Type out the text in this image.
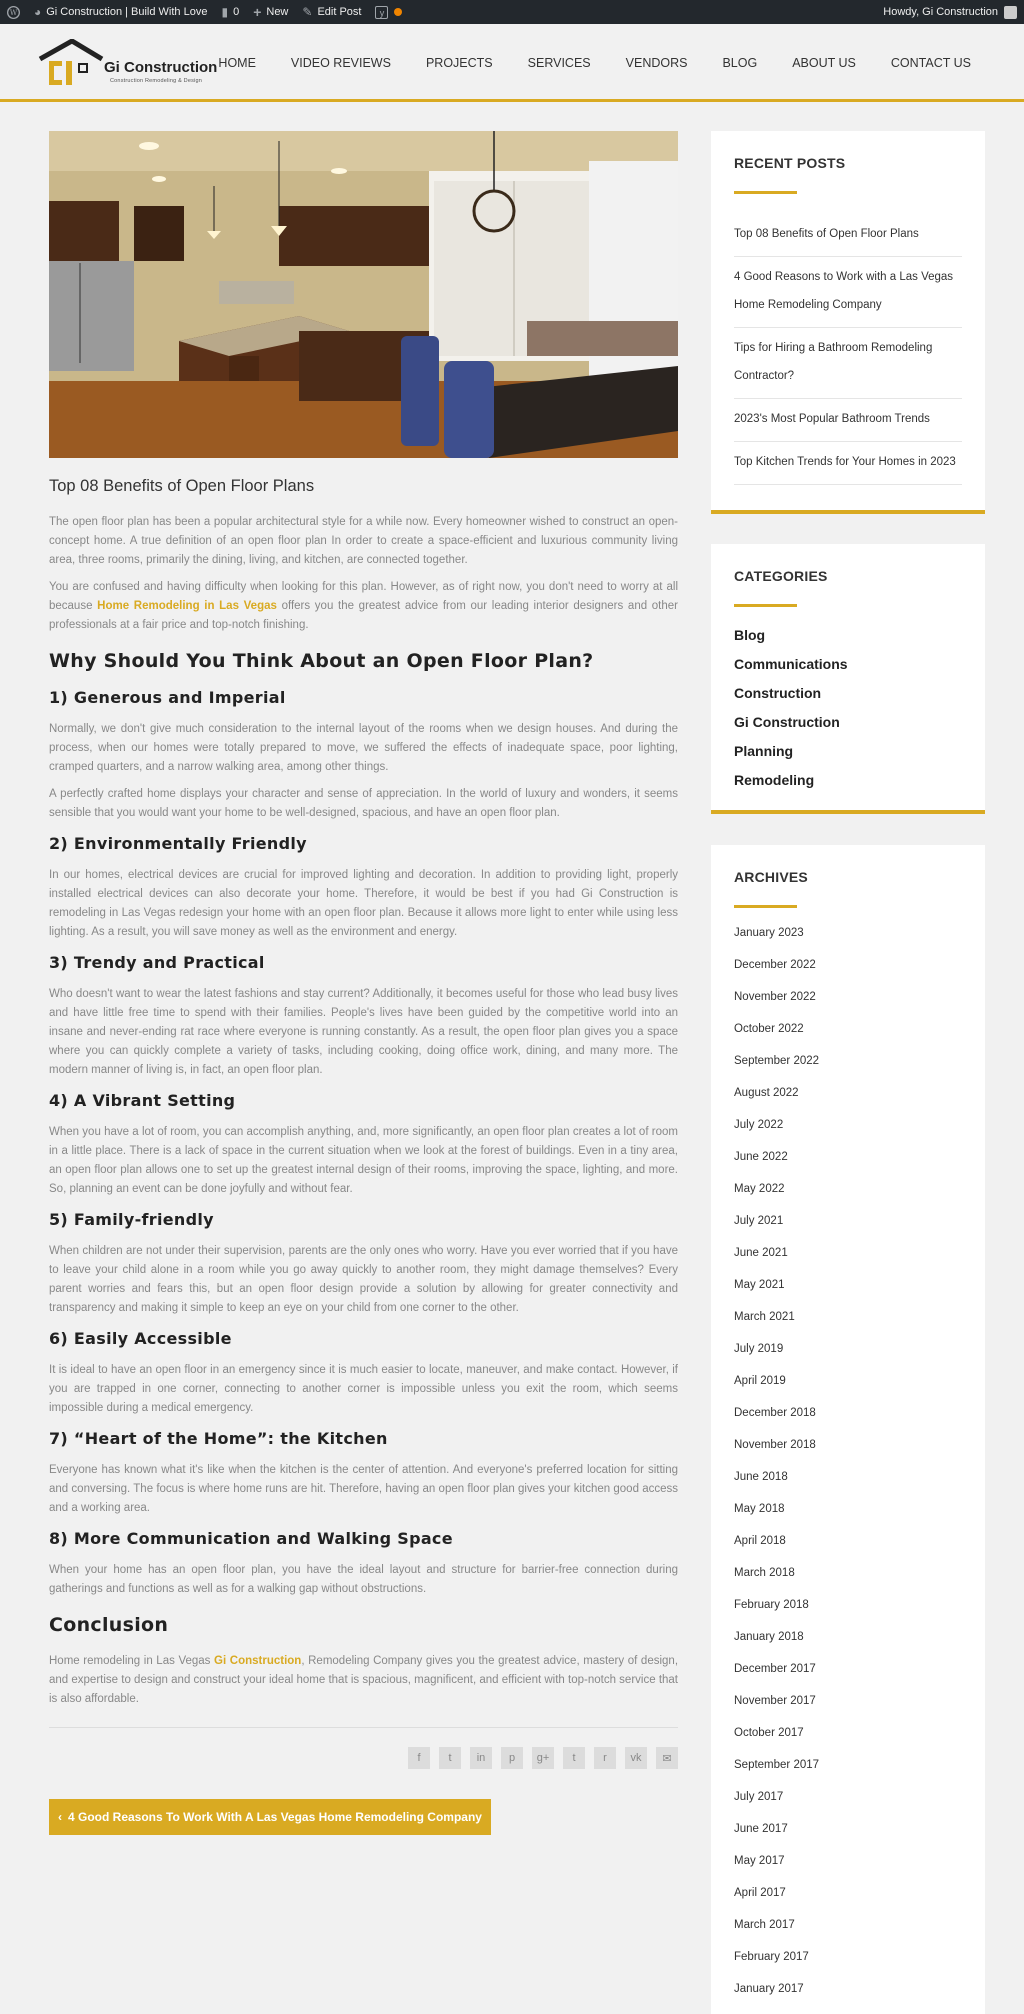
W ◕ Gi Construction | Build With Love ▮ 0 + New ✎ Edit Post	y	Howdy, Gi Construction
Gi Construction
Construction Remodeling & Design
HOME	VIDEO REVIEWS	PROJECTS	SERVICES	VENDORS	BLOG	ABOUT US	CONTACT US
Top 08 Benefits of Open Floor Plans

The open floor plan has been a popular architectural style for a while now. Every homeowner wished to construct an open-concept home. A true definition of an open floor plan In order to create a space-efficient and luxurious community living area, three rooms, primarily the dining, living, and kitchen, are connected together.

You are confused and having difficulty when looking for this plan. However, as of right now, you don't need to worry at all because Home Remodeling in Las Vegas offers you the greatest advice from our leading interior designers and other professionals at a fair price and top-notch finishing.

Why Should You Think About an Open Floor Plan?
1) Generous and Imperial

Normally, we don't give much consideration to the internal layout of the rooms when we design houses. And during the process, when our homes were totally prepared to move, we suffered the effects of inadequate space, poor lighting, cramped quarters, and a narrow walking area, among other things.

A perfectly crafted home displays your character and sense of appreciation. In the world of luxury and wonders, it seems sensible that you would want your home to be well-designed, spacious, and have an open floor plan.

2) Environmentally Friendly

In our homes, electrical devices are crucial for improved lighting and decoration. In addition to providing light, properly installed electrical devices can also decorate your home. Therefore, it would be best if you had Gi Construction is remodeling in Las Vegas redesign your home with an open floor plan. Because it allows more light to enter while using less lighting. As a result, you will save money as well as the environment and energy.

3) Trendy and Practical

Who doesn't want to wear the latest fashions and stay current? Additionally, it becomes useful for those who lead busy lives and have little free time to spend with their families. People's lives have been guided by the competitive world into an insane and never-ending rat race where everyone is running constantly. As a result, the open floor plan gives you a space where you can quickly complete a variety of tasks, including cooking, doing office work, dining, and many more. The modern manner of living is, in fact, an open floor plan.

4) A Vibrant Setting

When you have a lot of room, you can accomplish anything, and, more significantly, an open floor plan creates a lot of room in a little place. There is a lack of space in the current situation when we look at the forest of buildings. Even in a tiny area, an open floor plan allows one to set up the greatest internal design of their rooms, improving the space, lighting, and more. So, planning an event can be done joyfully and without fear.

5) Family-friendly

When children are not under their supervision, parents are the only ones who worry. Have you ever worried that if you have to leave your child alone in a room while you go away quickly to another room, they might damage themselves? Every parent worries and fears this, but an open floor design provide a solution by allowing for greater connectivity and transparency and making it simple to keep an eye on your child from one corner to the other.

6) Easily Accessible

It is ideal to have an open floor in an emergency since it is much easier to locate, maneuver, and make contact. However, if you are trapped in one corner, connecting to another corner is impossible unless you exit the room, which seems impossible during a medical emergency.

7) “Heart of the Home”: the Kitchen

Everyone has known what it's like when the kitchen is the center of attention. And everyone's preferred location for sitting and conversing. The focus is where home runs are hit. Therefore, having an open floor plan gives your kitchen good access and a working area.

8) More Communication and Walking Space

When your home has an open floor plan, you have the ideal layout and structure for barrier-free connection during gatherings and functions as well as for a walking gap without obstructions.

Conclusion

Home remodeling in Las Vegas Gi Construction, Remodeling Company gives you the greatest advice, mastery of design, and expertise to design and construct your ideal home that is spacious, magnificent, and efficient with top-notch service that is also affordable.

f	t in p g+ t	r vk ✉
‹ 4 Good Reasons To Work With A Las Vegas Home Remodeling Company
RECENT POSTS
Top 08 Benefits of Open Floor Plans
4 Good Reasons to Work with a Las Vegas Home Remodeling Company
Tips for Hiring a Bathroom Remodeling Contractor?
2023's Most Popular Bathroom Trends
Top Kitchen Trends for Your Homes in 2023
CATEGORIES
Blog
Communications
Construction
Gi Construction
Planning
Remodeling
ARCHIVES
January 2023
December 2022
November 2022
October 2022
September 2022
August 2022
July 2022
June 2022
May 2022
July 2021
June 2021
May 2021
March 2021
July 2019
April 2019
December 2018
November 2018
June 2018
May 2018
April 2018
March 2018
February 2018
January 2018
December 2017
November 2017
October 2017
September 2017
July 2017
June 2017
May 2017
April 2017
March 2017
February 2017
January 2017
